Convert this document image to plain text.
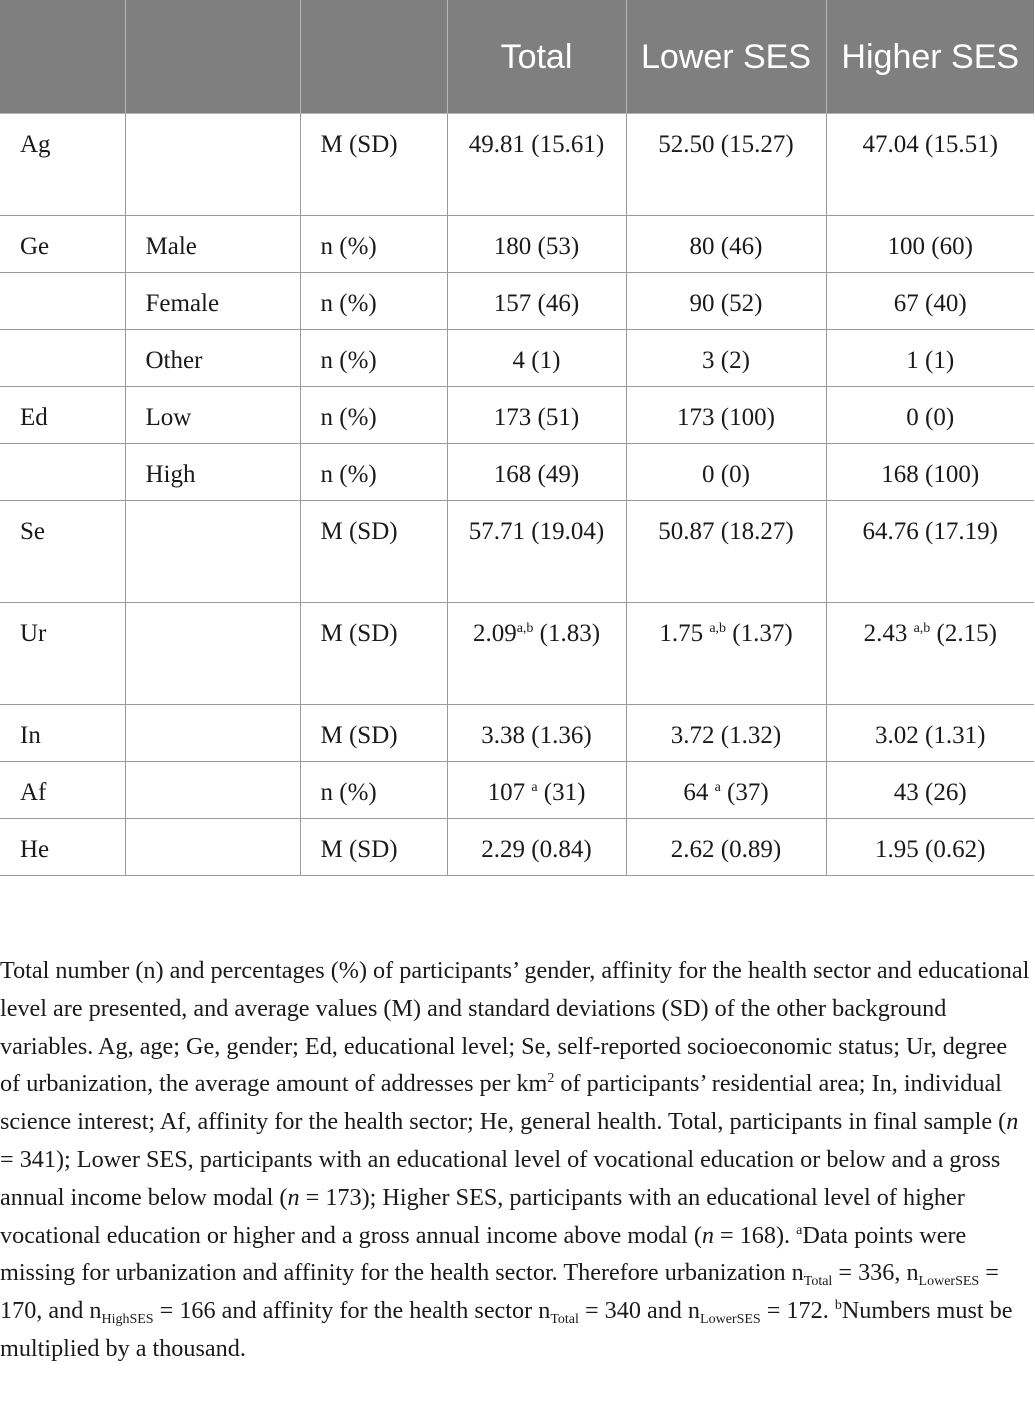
			Total	Lower SES	Higher SES
Ag		M (SD)	49.81 (15.61)	52.50 (15.27)	47.04 (15.51)
Ge	Male	n (%)	180 (53)	80 (46)	100 (60)
	Female	n (%)	157 (46)	90 (52)	67 (40)
	Other	n (%)	4 (1)	3 (2)	1 (1)
Ed	Low	n (%)	173 (51)	173 (100)	0 (0)
	High	n (%)	168 (49)	0 (0)	168 (100)
Se		M (SD)	57.71 (19.04)	50.87 (18.27)	64.76 (17.19)
Ur		M (SD)	2.09$^{a,b}$ (1.83)	1.75 $^{a,b}$ (1.37)	2.43 $^{a,b}$ (2.15)
In		M (SD)	3.38 (1.36)	3.72 (1.32)	3.02 (1.31)
Af		n (%)	107 $^a$ (31)	64 $^a$ (37)	43 (26)
He		M (SD)	2.29 (0.84)	2.62 (0.89)	1.95 (0.62)

Total number (n) and percentages (%) of participants’ gender, affinity for the health sector and educational level are presented, and average values (M) and standard deviations (SD) of the other background variables. Ag, age; Ge, gender; Ed, educational level; Se, self-reported socioeconomic status; Ur, degree of urbanization, the average amount of addresses per $km^2$ of participants’ residential area; In, individual science interest; Af, affinity for the health sector; He, general health. Total, participants in final sample (n = 341); Lower SES, participants with an educational level of vocational education or below and a gross annual income below modal (n = 173); Higher SES, participants with an educational level of higher vocational education or higher and a gross annual income above modal (n = 168). $^a$Data points were missing for urbanization and affinity for the health sector. Therefore urbanization $n_{Total} = 336$, $n_{LowerSES} = 170$, and $n_{HighSES} = 166$ and affinity for the health sector $n_{Total} = 340$ and $n_{LowerSES} = 172$. $^b$Numbers must be multiplied by a thousand.
